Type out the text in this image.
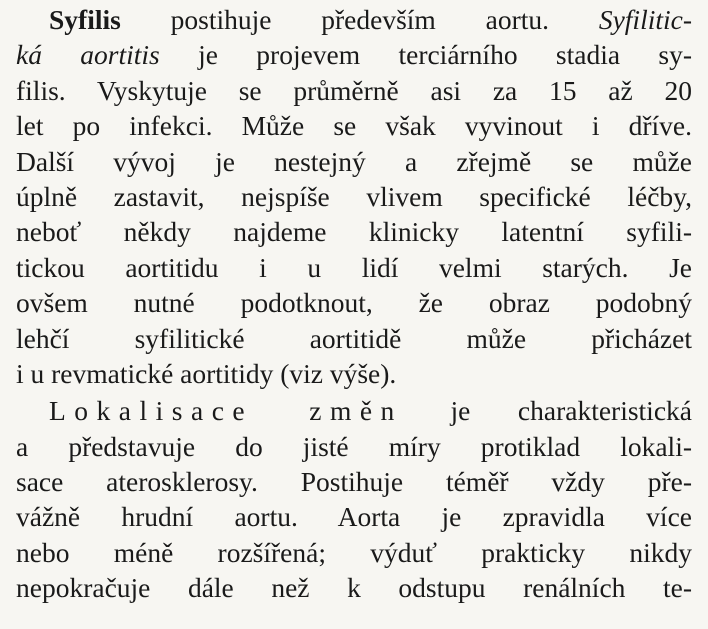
Syfilis postihuje především aortu. Syfilitic-
ká aortitis je projevem terciárního stadia sy-
filis. Vyskytuje se průměrně asi za 15 až 20
let po infekci. Může se však vyvinout i dříve.
Další vývoj je nestejný a zřejmě se může
úplně zastavit, nejspíše vlivem specifické léčby,
neboť někdy najdeme klinicky latentní syfili-
tickou aortitidu i u lidí velmi starých. Je
ovšem nutné podotknout, že obraz podobný
lehčí syfilitické aortitidě může přicházet
i u revmatické aortitidy (viz výše).
Lokalisace změn je charakteristická
a představuje do jisté míry protiklad lokali-
sace aterosklerosy. Postihuje téměř vždy pře-
vážně hrudní aortu. Aorta je zpravidla více
nebo méně rozšířená; výduť prakticky nikdy
nepokračuje dále než k odstupu renálních te-
